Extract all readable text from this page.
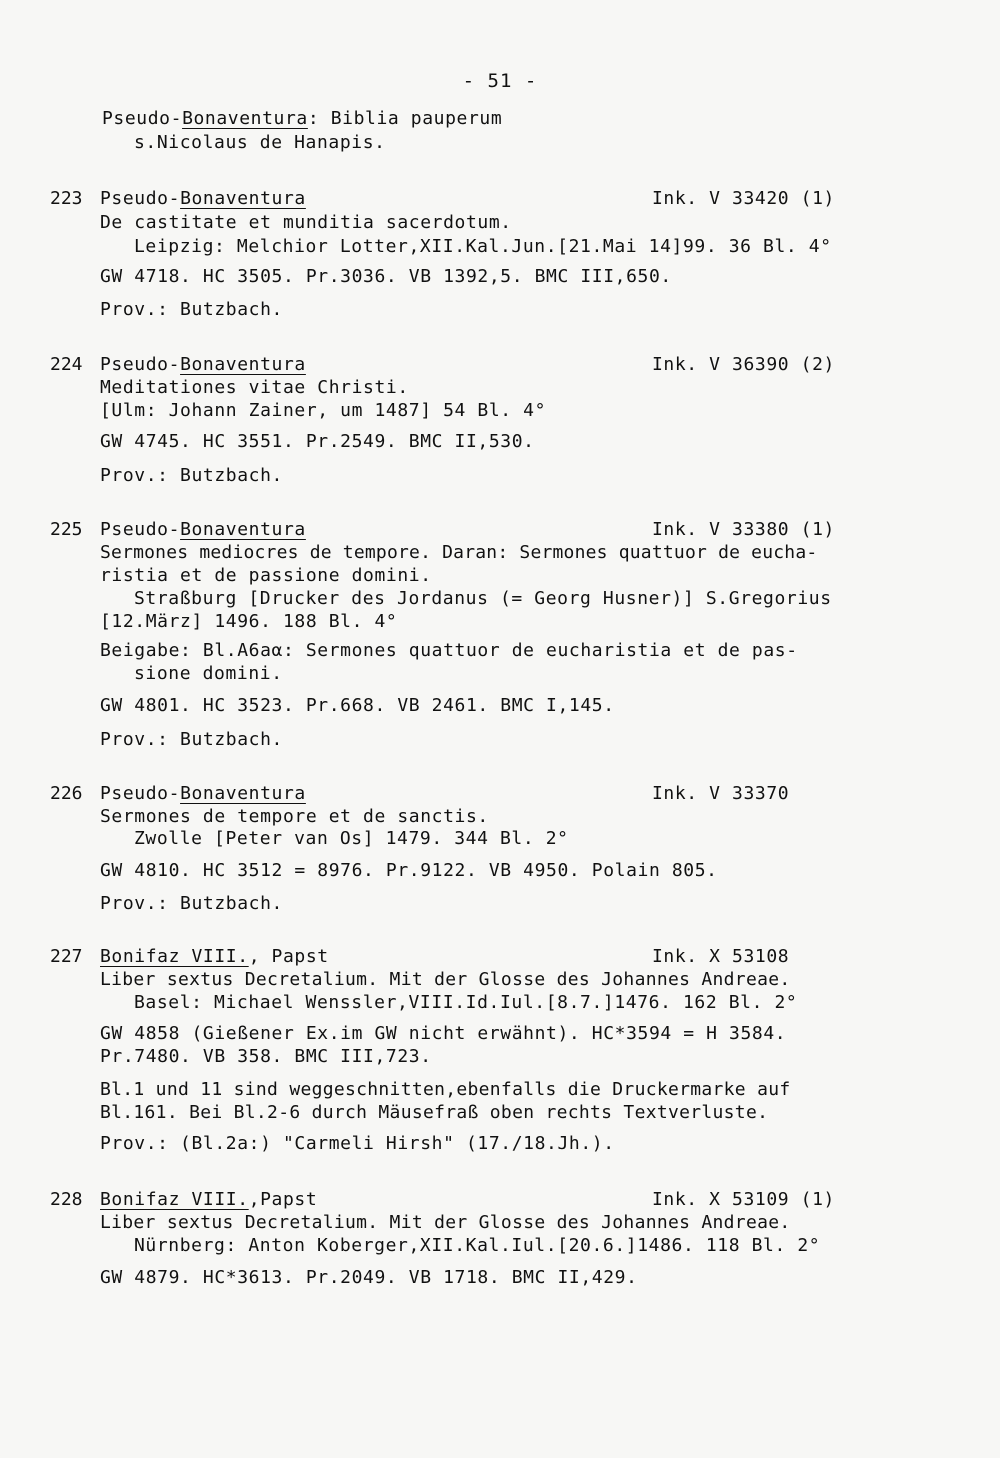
- 51 -
Pseudo-Bonaventura: Biblia pauperum
s.Nicolaus de Hanapis.
223 Pseudo-Bonaventura	Ink. V 33420 (1)
De castitate et munditia sacerdotum.
Leipzig: Melchior Lotter,XII.Kal.Jun.[21.Mai 14]99. 36 Bl. 4°
GW 4718. HC 3505. Pr.3036. VB 1392,5. BMC III,650.
Prov.: Butzbach.
224 Pseudo-Bonaventura	Ink. V 36390 (2)
Meditationes vitae Christi.
[Ulm: Johann Zainer, um 1487] 54 Bl. 4°
GW 4745. HC 3551. Pr.2549. BMC II,530.
Prov.: Butzbach.
225 Pseudo-Bonaventura	Ink. V 33380 (1)
Sermones mediocres de tempore. Daran: Sermones quattuor de eucha-
ristia et de passione domini.
Straßburg [Drucker des Jordanus (= Georg Husner)] S.Gregorius
[12.März] 1496. 188 Bl. 4°
Beigabe: Bl.A6aα: Sermones quattuor de eucharistia et de pas-
sione domini.
GW 4801. HC 3523. Pr.668. VB 2461. BMC I,145.
Prov.: Butzbach.
226 Pseudo-Bonaventura	Ink. V 33370
Sermones de tempore et de sanctis.
Zwolle [Peter van Os] 1479. 344 Bl. 2°
GW 4810. HC 3512 = 8976. Pr.9122. VB 4950. Polain 805.
Prov.: Butzbach.
227 Bonifaz VIII., Papst	Ink. X 53108
Liber sextus Decretalium. Mit der Glosse des Johannes Andreae.
Basel: Michael Wenssler,VIII.Id.Iul.[8.7.]1476. 162 Bl. 2°
GW 4858 (Gießener Ex.im GW nicht erwähnt). HC*3594 = H 3584.
Pr.7480. VB 358. BMC III,723.
Bl.1 und 11 sind weggeschnitten,ebenfalls die Druckermarke auf
Bl.161. Bei Bl.2-6 durch Mäusefraß oben rechts Textverluste.
Prov.: (Bl.2a:) "Carmeli Hirsh" (17./18.Jh.).
228 Bonifaz VIII.,Papst	Ink. X 53109 (1)
Liber sextus Decretalium. Mit der Glosse des Johannes Andreae.
Nürnberg: Anton Koberger,XII.Kal.Iul.[20.6.]1486. 118 Bl. 2°
GW 4879. HC*3613. Pr.2049. VB 1718. BMC II,429.
